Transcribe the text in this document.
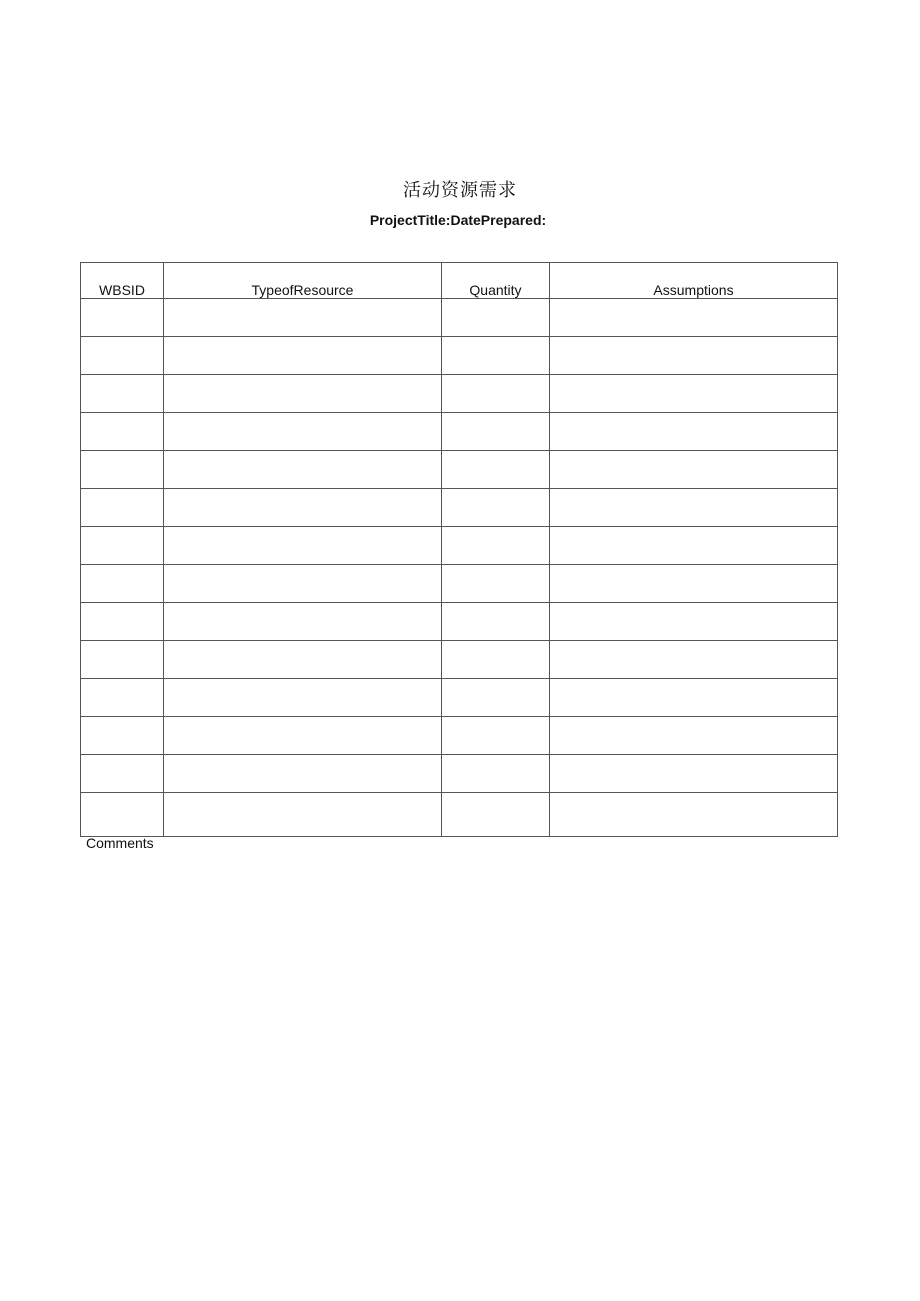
活动资源需求

ProjectTitle:DatePrepared:

WBSID	TypeofResource	Quantity	Assumptions

Comments
